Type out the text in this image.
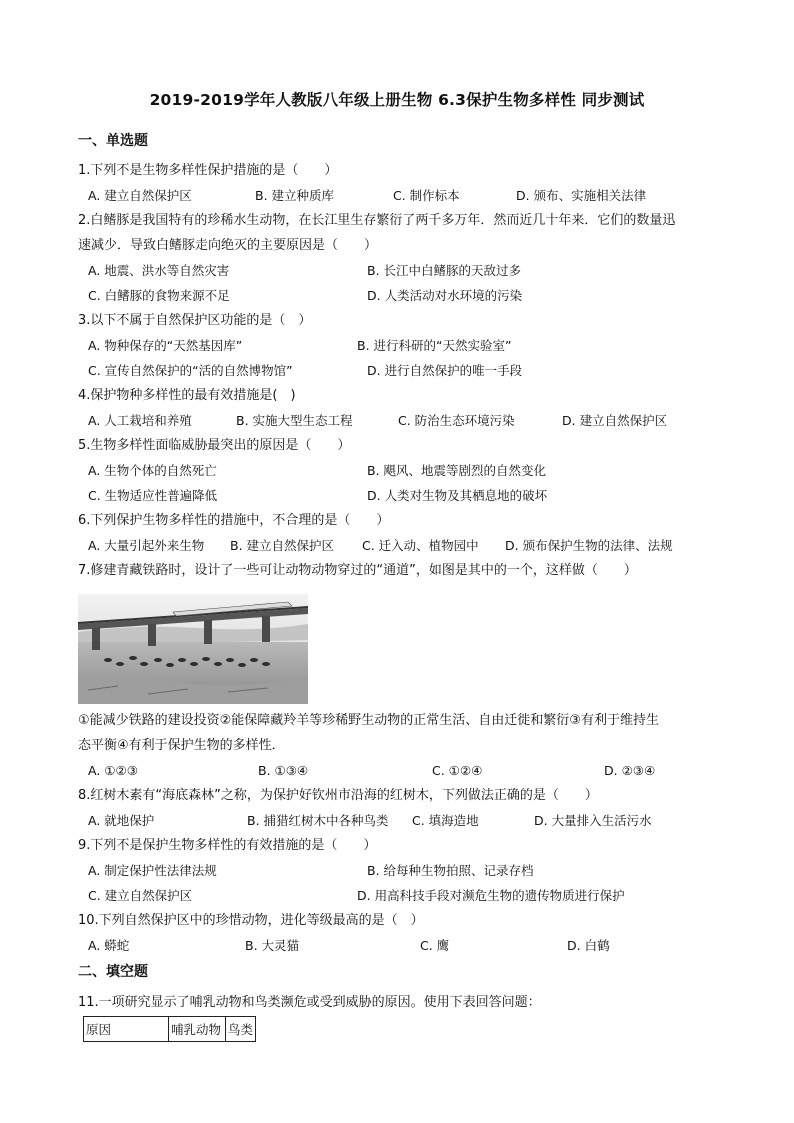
2019-2019学年人教版八年级上册生物 6.3保护生物多样性 同步测试
一、单选题
1.下列不是生物多样性保护措施的是（　　）
A. 建立自然保护区	B. 建立种质库	C. 制作标本	D. 颁布、实施相关法律
2.白鳍豚是我国特有的珍稀水生动物，在长江里生存繁衍了两千多万年．然而近几十年来．它们的数量迅
速减少．导致白鳍豚走向绝灭的主要原因是（　　）
A. 地震、洪水等自然灾害	B. 长江中白鳍豚的天敌过多
C. 白鳍豚的食物来源不足	D. 人类活动对水环境的污染
3.以下不属于自然保护区功能的是（　）
A. 物种保存的“天然基因库”	B. 进行科研的“天然实验室”
C. 宣传自然保护的“活的自然博物馆”	D. 进行自然保护的唯一手段
4.保护物种多样性的最有效措施是(　)
A. 人工栽培和养殖	B. 实施大型生态工程	C. 防治生态环境污染	D. 建立自然保护区
5.生物多样性面临威胁最突出的原因是（　　）
A. 生物个体的自然死亡	B. 飓风、地震等剧烈的自然变化
C. 生物适应性普遍降低	D. 人类对生物及其栖息地的破坏
6.下列保护生物多样性的措施中，不合理的是（　　）
A. 大量引起外来生物 B. 建立自然保护区 C. 迁入动、植物园中 D. 颁布保护生物的法律、法规
7.修建青藏铁路时，设计了一些可让动物动物穿过的“通道”，如图是其中的一个，这样做（　　）
①能减少铁路的建设投资②能保障藏羚羊等珍稀野生动物的正常生活、自由迁徙和繁衍③有利于维持生
态平衡④有利于保护生物的多样性．
A. ①②③	B. ①③④	C. ①②④	D. ②③④
8.红树木素有“海底森林”之称，为保护好钦州市沿海的红树木，下列做法正确的是（　　）
A. 就地保护	B. 捕猎红树木中各种鸟类 C. 填海造地	D. 大量排入生活污水
9.下列不是保护生物多样性的有效措施的是（　　）
A. 制定保护性法律法规	B. 给每种生物拍照、记录存档
C. 建立自然保护区	D. 用高科技手段对濒危生物的遗传物质进行保护
10.下列自然保护区中的珍惜动物，进化等级最高的是（　）
A. 蟒蛇	B. 大灵猫	C. 鹰	D. 白鹤
二、填空题
11.一项研究显示了哺乳动物和鸟类濒危或受到威胁的原因。使用下表回答问题：
原因	哺乳动物	鸟类
